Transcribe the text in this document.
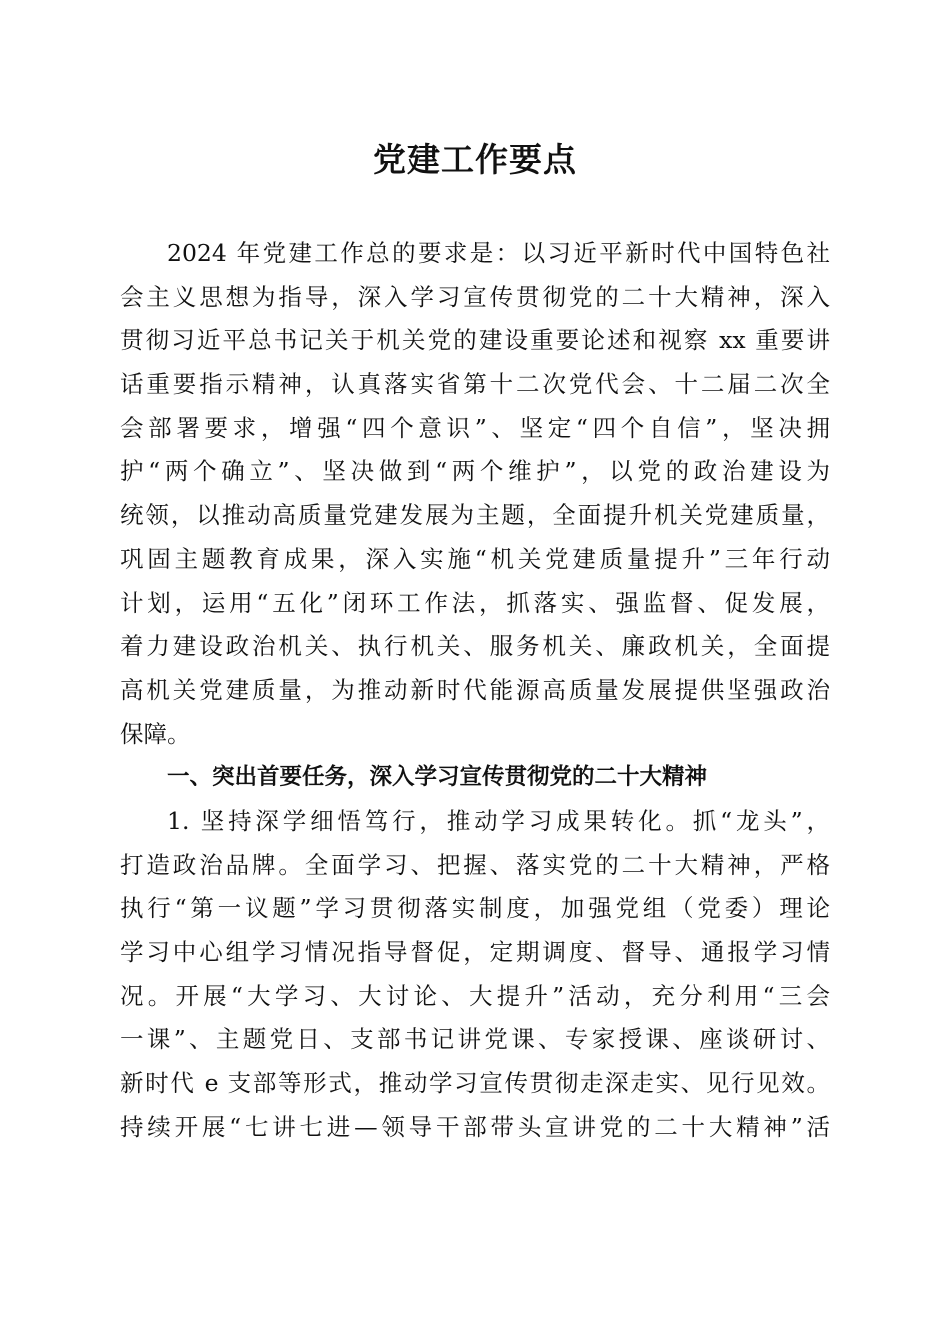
党建工作要点
2024 年党建工作总的要求是：以习近平新时代中国特色社
会主义思想为指导，深入学习宣传贯彻党的二十大精神，深入
贯彻习近平总书记关于机关党的建设重要论述和视察 xx 重要讲
话重要指示精神，认真落实省第十二次党代会、十二届二次全
会部署要求，增强“四个意识”、坚定“四个自信”，坚决拥
护“两个确立”、坚决做到“两个维护”，以党的政治建设为
统领，以推动高质量党建发展为主题，全面提升机关党建质量，
巩固主题教育成果，深入实施“机关党建质量提升”三年行动
计划，运用“五化”闭环工作法，抓落实、强监督、促发展，
着力建设政治机关、执行机关、服务机关、廉政机关，全面提
高机关党建质量，为推动新时代能源高质量发展提供坚强政治
保障。
一、突出首要任务，深入学习宣传贯彻党的二十大精神
1. 坚持深学细悟笃行，推动学习成果转化。抓“龙头”，
打造政治品牌。全面学习、把握、落实党的二十大精神，严格
执行“第一议题”学习贯彻落实制度，加强党组（党委）理论
学习中心组学习情况指导督促，定期调度、督导、通报学习情
况。开展“大学习、大讨论、大提升”活动，充分利用“三会
一课”、主题党日、支部书记讲党课、专家授课、座谈研讨、
新时代 e 支部等形式，推动学习宣传贯彻走深走实、见行见效。
持续开展“七讲七进—领导干部带头宣讲党的二十大精神”活
